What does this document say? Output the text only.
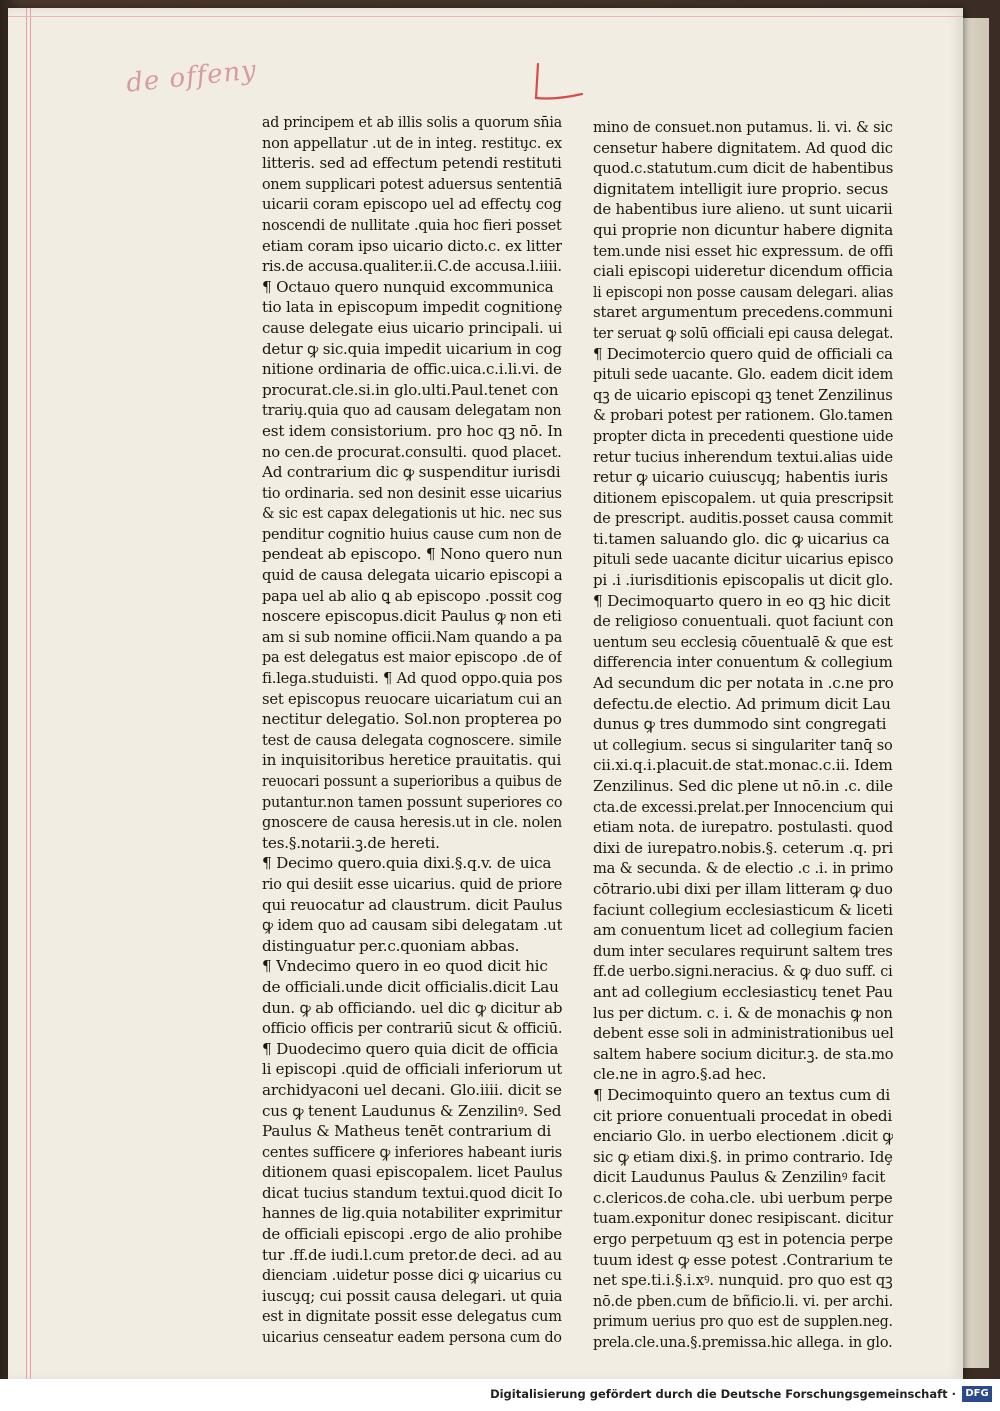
de offeny
ad principem et ab illis solis a quorum sn̄ia
non appellatur .ut de in integ. restitu̧c. ex
litteris. sed ad effectum petendi restituti
onem supplicari potest aduersus sententiā
uicarii coram episcopo uel ad effectu̧ cog
noscendi de nullitate .quia hoc fieri posset
etiam coram ipso uicario dicto.c. ex litter
ris.de accusa.qualiter.ii.C.de accusa.l.iiii.
¶ Octauo quero nunquid excommunica
tio lata in episcopum impedit cognitionȩ
cause delegate eius uicario principali. ui
detur ꝙ sic.quia impedit uicarium in cog
nitione ordinaria de offic.uica.c.i.li.vi. de
procurat.cle.si.in glo.ulti.Paul.tenet con
trariu̧.quia quo ad causam delegatam non
est idem consistorium. pro hoc qꝫ nō. In
no cen.de procurat.consulti. quod placet.
Ad contrarium dic ꝙ suspenditur iurisdi
tio ordinaria. sed non desinit esse uicarius
& sic est capax delegationis ut hic. nec sus
penditur cognitio huius cause cum non de
pendeat ab episcopo. ¶ Nono quero nun
quid de causa delegata uicario episcopi a
papa uel ab alio ꝗ ab episcopo .possit cog
noscere episcopus.dicit Paulus ꝙ non eti
am si sub nomine officii.Nam quando a pa
pa est delegatus est maior episcopo .de of
fi.lega.studuisti. ¶ Ad quod oppo.quia pos
set episcopus reuocare uicariatum cui an
nectitur delegatio. Sol.non propterea po
test de causa delegata cognoscere. simile
in inquisitoribus heretice prauitatis. qui
reuocari possunt a superioribus a quibus de
putantur.non tamen possunt superiores co
gnoscere de causa heresis.ut in cle. nolen
tes.§.notarii.ꝫ.de hereti.
¶ Decimo quero.quia dixi.§.q.v. de uica
rio qui desiit esse uicarius. quid de priore
qui reuocatur ad claustrum. dicit Paulus
ꝙ idem quo ad causam sibi delegatam .ut
distinguatur per.c.quoniam abbas.
¶ Vndecimo quero in eo quod dicit hic
de officiali.unde dicit officialis.dicit Lau
dun. ꝙ ab officiando. uel dic ꝙ dicitur ab
officio officis per contrariū sicut & officiū.
¶ Duodecimo quero quia dicit de officia
li episcopi .quid de officiali inferiorum ut
archidyaconi uel decani. Glo.iiii. dicit se
cus ꝙ tenent Laudunus & Zenzilinꝰ. Sed
Paulus & Matheus tenēt contrarium di
centes sufficere ꝙ inferiores habeant iuris
ditionem quasi episcopalem. licet Paulus
dicat tucius standum textui.quod dicit Io
hannes de lig.quia notabiliter exprimitur
de officiali episcopi .ergo de alio prohibe
tur .ff.de iudi.l.cum pretor.de deci. ad au
dienciam .uidetur posse dici ꝙ uicarius cu
iuscu̧q; cui possit causa delegari. ut quia
est in dignitate possit esse delegatus cum
uicarius censeatur eadem persona cum do
mino de consuet.non putamus. li. vi. & sic
censetur habere dignitatem. Ad quod dic
quod.c.statutum.cum dicit de habentibus
dignitatem intelligit iure proprio. secus
de habentibus iure alieno. ut sunt uicarii
qui proprie non dicuntur habere dignita
tem.unde nisi esset hic expressum. de offi
ciali episcopi uideretur dicendum officia
li episcopi non posse causam delegari. alias
staret argumentum precedens.communi
ter seruat ꝙ solū officiali epi causa delegat.
¶ Decimotercio quero quid de officiali ca
pituli sede uacante. Glo. eadem dicit idem
qꝫ de uicario episcopi qꝫ tenet Zenzilinus
& probari potest per rationem. Glo.tamen
propter dicta in precedenti questione uide
retur tucius inherendum textui.alias uide
retur ꝙ uicario cuiuscu̧q; habentis iuris
ditionem episcopalem. ut quia prescripsit
de prescript. auditis.posset causa commit
ti.tamen saluando glo. dic ꝙ uicarius ca
pituli sede uacante dicitur uicarius episco
pi .i .iurisditionis episcopalis ut dicit glo.
¶ Decimoquarto quero in eo qꝫ hic dicit
de religioso conuentuali. quot faciunt con
uentum seu ecclesia̧ cōuentualē & que est
differencia inter conuentum & collegium
Ad secundum dic per notata in .c.ne pro
defectu.de electio. Ad primum dicit Lau
dunus ꝙ tres dummodo sint congregati
ut collegium. secus si singulariter tanq̄ so
cii.xi.q.i.placuit.de stat.monac.c.ii. Idem
Zenzilinus. Sed dic plene ut nō.in .c. dile
cta.de excessi.prelat.per Innocencium qui
etiam nota. de iurepatro. postulasti. quod
dixi de iurepatro.nobis.§. ceterum .q. pri
ma & secunda. & de electio .c .i. in primo
cōtrario.ubi dixi per illam litteram ꝙ duo
faciunt collegium ecclesiasticum & liceti
am conuentum licet ad collegium facien
dum inter seculares requirunt saltem tres
ff.de uerbo.signi.neracius. & ꝙ duo suff. ci
ant ad collegium ecclesiasticu̧ tenet Pau
lus per dictum. c. i. & de monachis ꝙ non
debent esse soli in administrationibus uel
saltem habere socium dicitur.ꝫ. de sta.mo
cle.ne in agro.§.ad hec.
¶ Decimoquinto quero an textus cum di
cit priore conuentuali procedat in obedi
enciario Glo. in uerbo electionem .dicit ꝙ
sic ꝙ etiam dixi.§. in primo contrario. Idȩ
dicit Laudunus Paulus & Zenzilinꝰ facit
c.clericos.de coha.cle. ubi uerbum perpe
tuam.exponitur donec resipiscant. dicitur
ergo perpetuum qꝫ est in potencia perpe
tuum idest ꝙ esse potest .Contrarium te
net spe.ti.i.§.i.xꝰ. nunquid. pro quo est qꝫ
nō.de pben.cum de bñficio.li. vi. per archi.
primum uerius pro quo est de supplen.neg.
prela.cle.una.§.premissa.hic allega. in glo.
Digitalisierung gefördert durch die Deutsche Forschungsgemeinschaft · DFG
